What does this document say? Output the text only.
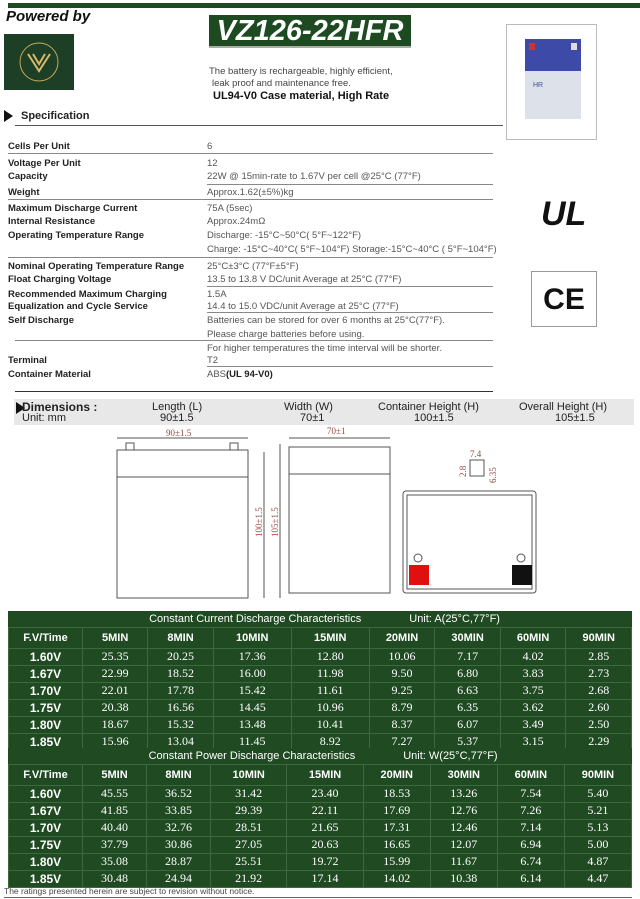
Powered by	VZ126-22HFR
The battery is rechargeable, highly efficient,
leak proof and maintenance free.
UL94-V0 Case material, High Rate
HR
Specification
Cells Per Unit	6
Voltage Per Unit	12
Capacity	22W @ 15min-rate to 1.67V per cell @25°C (77°F)
Weight	Approx.1.62(±5%)kg
Maximum Discharge Current	75A (5sec)
Internal Resistance	Approx.24mΩ
Operating Temperature Range	Discharge: -15°C~50°C( 5°F~122°F)
Charge: -15°C~40°C( 5°F~104°F) Storage:-15°C~40°C ( 5°F~104°F)
Nominal Operating Temperature Range 25°C±3°C (77°F±5°F)
Float Charging Voltage	13.5 to 13.8 V DC/unit Average at 25°C (77°F)
Recommended Maximum Charging	1.5A
Equalization and Cycle Service	14.4 to 15.0 VDC/unit Average at 25°C (77°F)
Self Discharge	Batteries can be stored for over 6 months at 25°C(77°F).
Please charge batteries before using.
For higher temperatures the time interval will be shorter.
Terminal	T2
Container Material	ABS(UL 94-V0)
UL
CE
Dimensions :
Unit: mm
Length (L)
90±1.5
Width (W)
70±1
Container Height (H)
100±1.5
Overall Height (H)
105±1.5
90±1.5	70±1
100±1.5 105±1.5
7.4
2.8 6.35
Constant Current Discharge Characteristics					Unit: A(25°C,77°F)			
F.V/Time	5MIN	8MIN	10MIN	15MIN	20MIN	30MIN	60MIN	90MIN
1.60V	25.35	20.25	17.36	12.80	10.06	7.17	4.02	2.85
1.67V	22.99	18.52	16.00	11.98	9.50	6.80	3.83	2.73
1.70V	22.01	17.78	15.42	11.61	9.25	6.63	3.75	2.68
1.75V	20.38	16.56	14.45	10.96	8.79	6.35	3.62	2.60
1.80V	18.67	15.32	13.48	10.41	8.37	6.07	3.49	2.50
1.85V	15.96	13.04	11.45	8.92	7.27	5.37	3.15	2.29
Constant Power Discharge Characteristics					Unit: W(25°C,77°F)			
F.V/Time	5MIN	8MIN	10MIN	15MIN	20MIN	30MIN	60MIN	90MIN
1.60V	45.55	36.52	31.42	23.40	18.53	13.26	7.54	5.40
1.67V	41.85	33.85	29.39	22.11	17.69	12.76	7.26	5.21
1.70V	40.40	32.76	28.51	21.65	17.31	12.46	7.14	5.13
1.75V	37.79	30.86	27.05	20.63	16.65	12.07	6.94	5.00
1.80V	35.08	28.87	25.51	19.72	15.99	11.67	6.74	4.87
1.85V	30.48	24.94	21.92	17.14	14.02	10.38	6.14	4.47
The ratings presented herein are subject to revision without notice.
